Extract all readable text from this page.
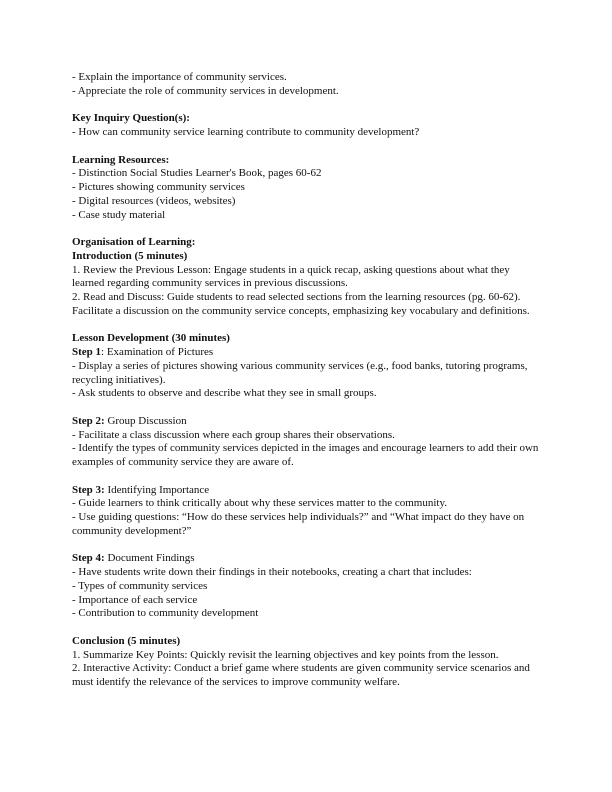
- Explain the importance of community services.
- Appreciate the role of community services in development.
Key Inquiry Question(s):
- How can community service learning contribute to community development?
Learning Resources:
- Distinction Social Studies Learner's Book, pages 60-62
- Pictures showing community services
- Digital resources (videos, websites)
- Case study material
Organisation of Learning:
Introduction (5 minutes)
1. Review the Previous Lesson: Engage students in a quick recap, asking questions about what they learned regarding community services in previous discussions.
2. Read and Discuss: Guide students to read selected sections from the learning resources (pg. 60-62). Facilitate a discussion on the community service concepts, emphasizing key vocabulary and definitions.
Lesson Development (30 minutes)
Step 1: Examination of Pictures
- Display a series of pictures showing various community services (e.g., food banks, tutoring programs, recycling initiatives).
- Ask students to observe and describe what they see in small groups.
Step 2: Group Discussion
- Facilitate a class discussion where each group shares their observations.
- Identify the types of community services depicted in the images and encourage learners to add their own examples of community service they are aware of.
Step 3: Identifying Importance
- Guide learners to think critically about why these services matter to the community.
- Use guiding questions: “How do these services help individuals?” and “What impact do they have on community development?”
Step 4: Document Findings
- Have students write down their findings in their notebooks, creating a chart that includes:
- Types of community services
- Importance of each service
- Contribution to community development
Conclusion (5 minutes)
1. Summarize Key Points: Quickly revisit the learning objectives and key points from the lesson.
2. Interactive Activity: Conduct a brief game where students are given community service scenarios and must identify the relevance of the services to improve community welfare.
